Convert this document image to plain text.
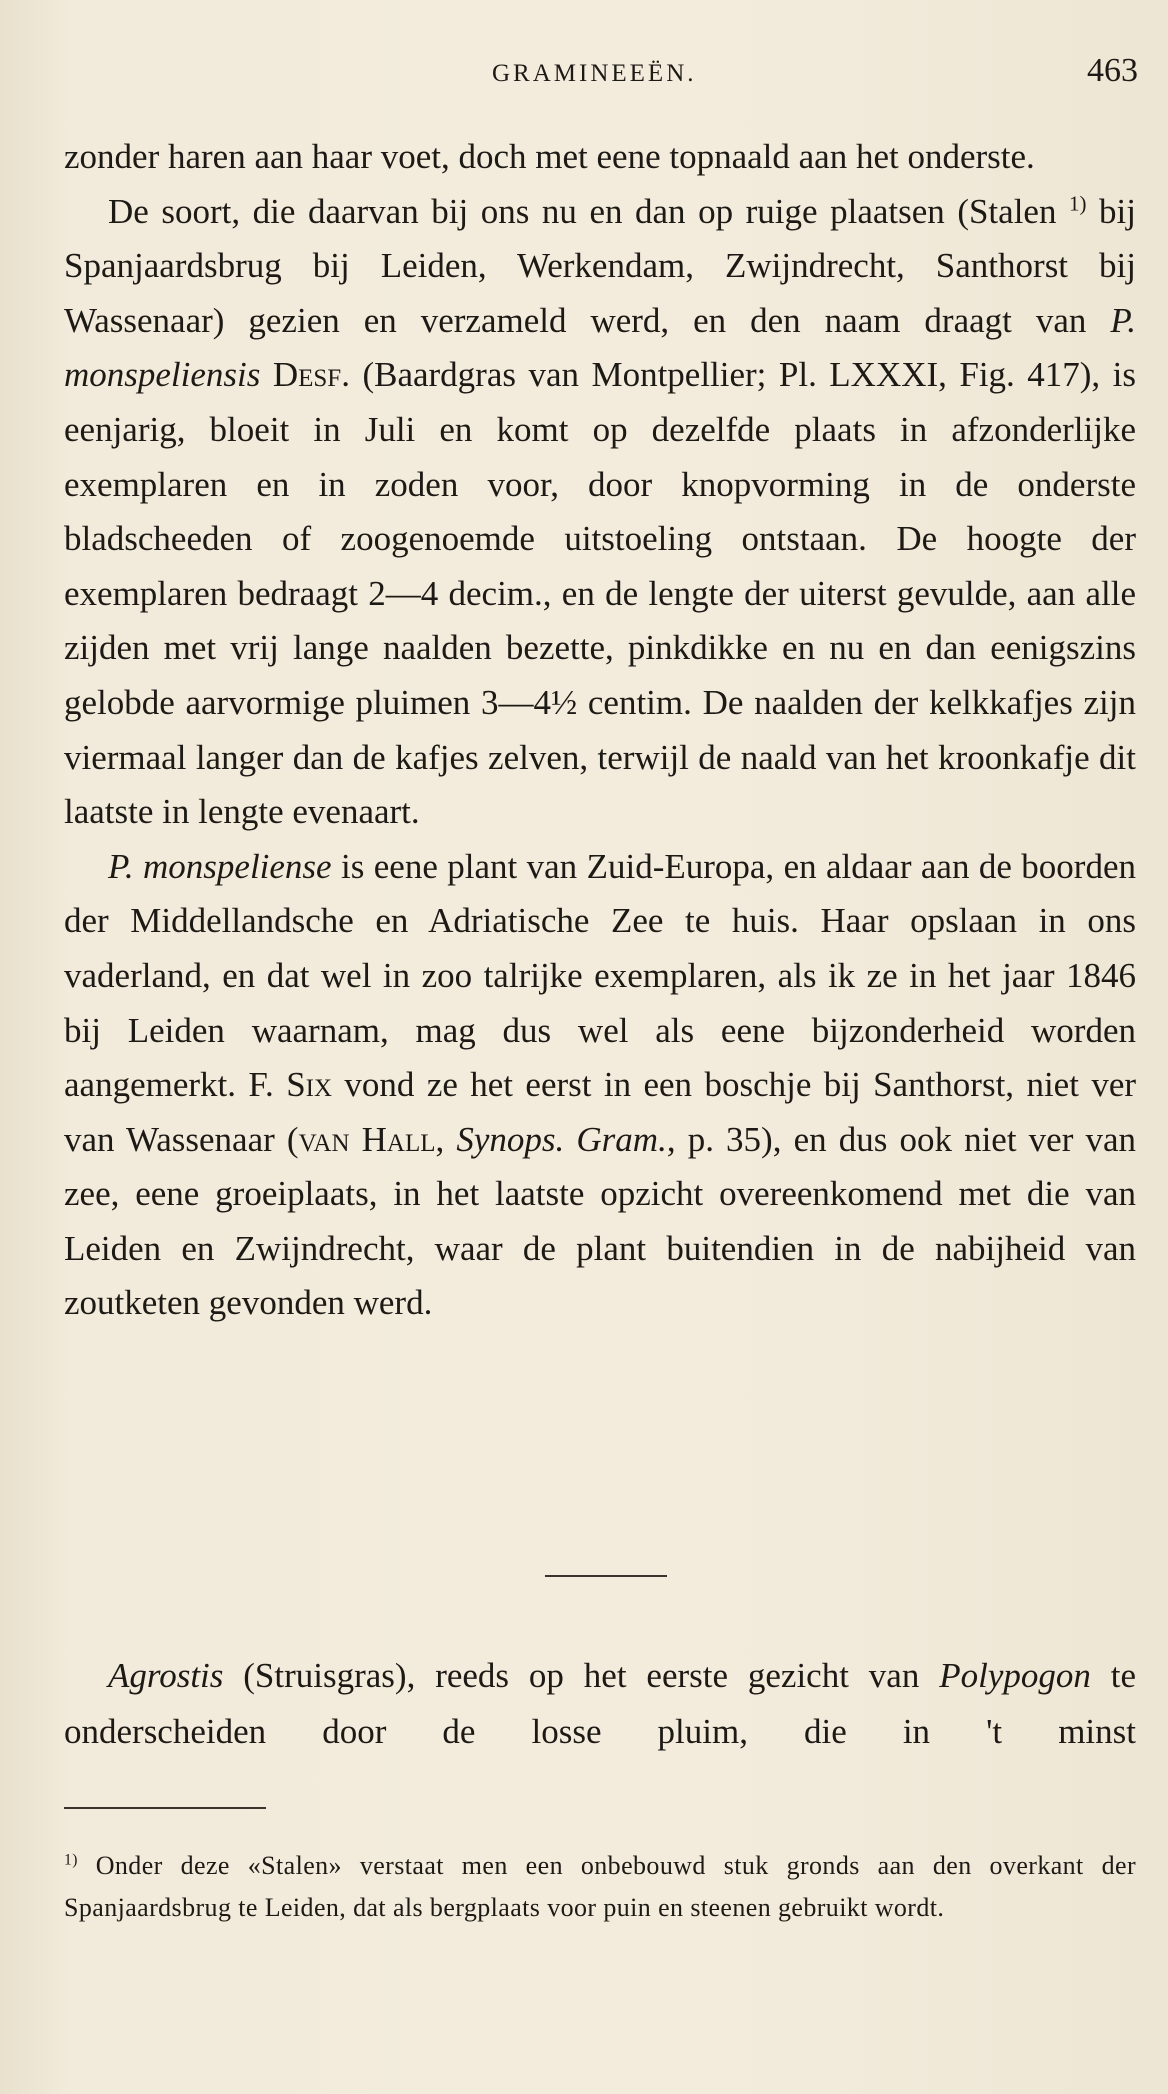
GRAMINEEËN.	463

zonder haren aan haar voet, doch met eene topnaald aan het onderste.

De soort, die daarvan bij ons nu en dan op ruige plaatsen (Stalen $^{1)}$ bij Spanjaardsbrug bij Leiden, Werkendam, Zwijndrecht, Santhorst bij Wassenaar) gezien en verzameld werd, en den naam draagt van P. monspeliensis Desf. (Baardgras van Montpellier; Pl. LXXXI, Fig. 417), is eenjarig, bloeit in Juli en komt op dezelfde plaats in afzonderlijke exemplaren en in zoden voor, door knopvorming in de onderste bladscheeden of zoogenoemde uitstoeling ontstaan. De hoogte der exemplaren bedraagt 2—4 decim., en de lengte der uiterst gevulde, aan alle zijden met vrij lange naalden bezette, pinkdikke en nu en dan eenigszins gelobde aarvormige pluimen 3—4½ centim. De naalden der kelkkafjes zijn viermaal langer dan de kafjes zelven, terwijl de naald van het kroonkafje dit laatste in lengte evenaart.

P. monspeliense is eene plant van Zuid-Europa, en aldaar aan de boorden der Middellandsche en Adriatische Zee te huis. Haar opslaan in ons vaderland, en dat wel in zoo talrijke exemplaren, als ik ze in het jaar 1846 bij Leiden waarnam, mag dus wel als eene bijzonderheid worden aangemerkt. F. Six vond ze het eerst in een boschje bij Santhorst, niet ver van Wassenaar (van Hall, Synops. Gram., p. 35), en dus ook niet ver van zee, eene groeiplaats, in het laatste opzicht overeenkomend met die van Leiden en Zwijndrecht, waar de plant buitendien in de nabijheid van zoutketen gevonden werd.

Agrostis (Struisgras), reeds op het eerste gezicht van Polypogon te onderscheiden door de losse pluim, die in 't minst

$^{1)}$ Onder deze «Stalen» verstaat men een onbebouwd stuk gronds aan den overkant der Spanjaardsbrug te Leiden, dat als bergplaats voor puin en steenen gebruikt wordt.
